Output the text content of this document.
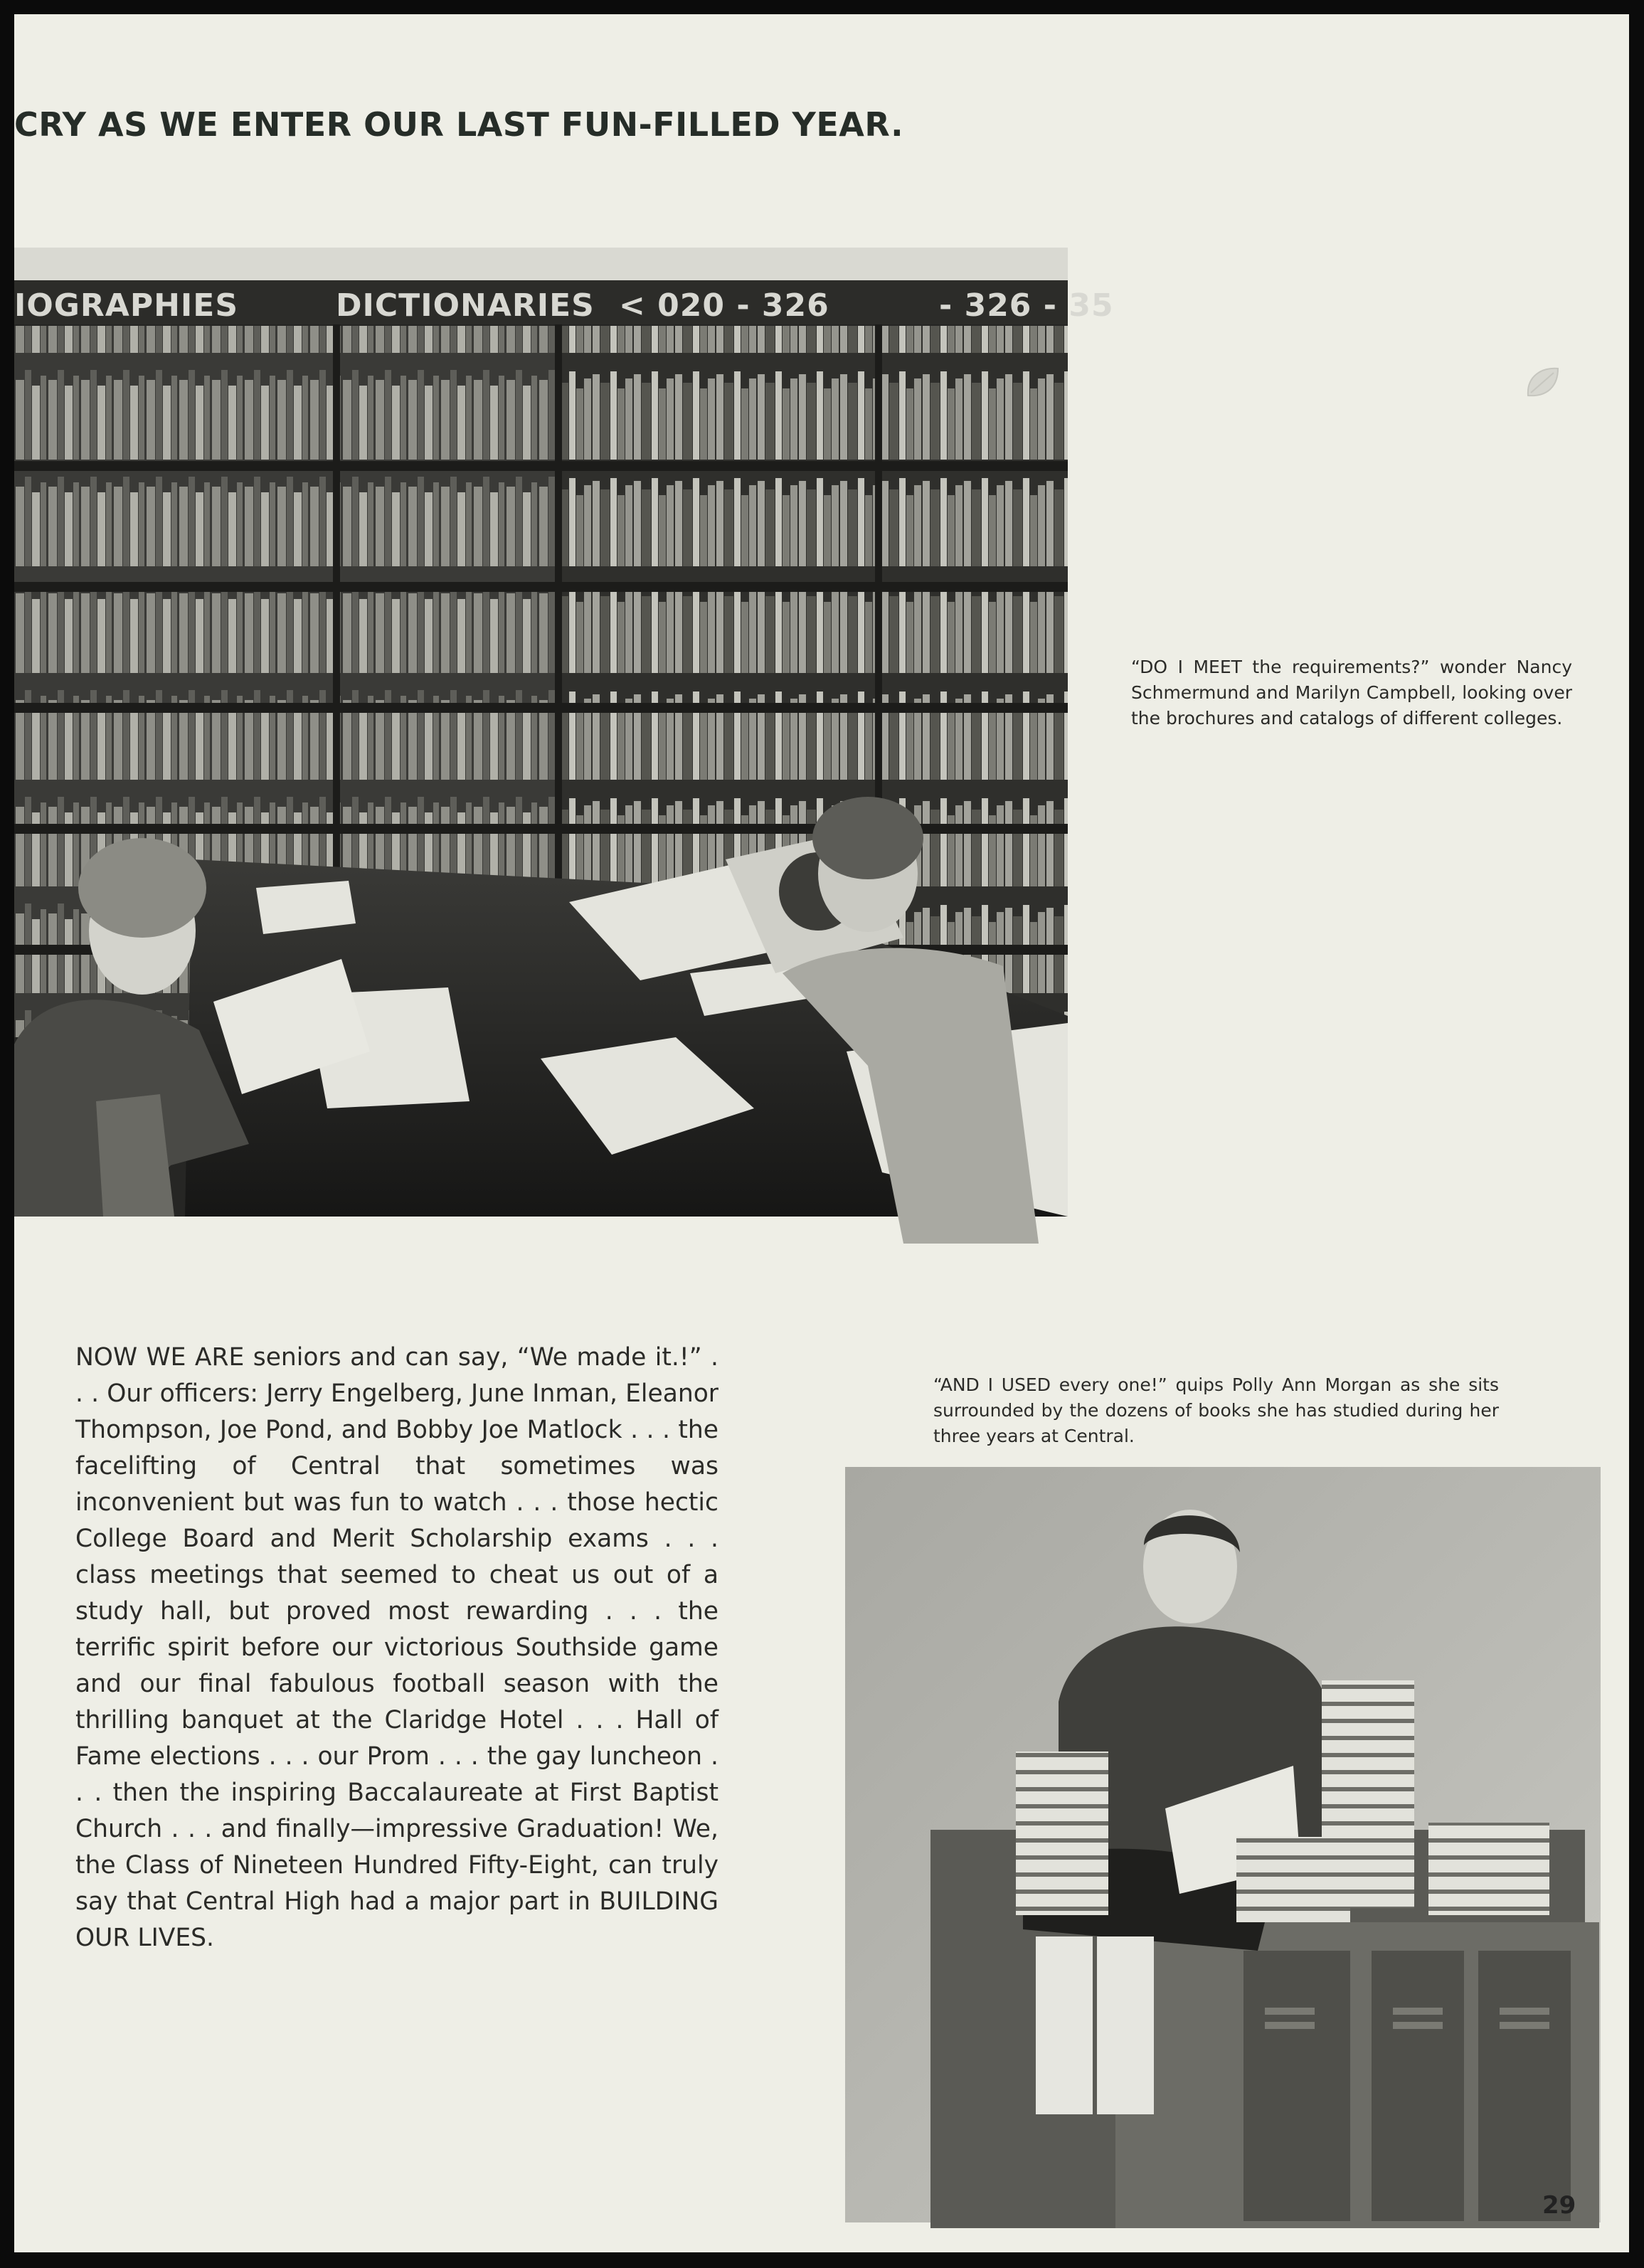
CRY AS WE ENTER OUR LAST FUN-FILLED YEAR.
IOGRAPHIES	DICTIONARIES < 020 - 326	- 326 - 35

“DO I MEET the requirements?” wonder Nancy Schmermund and Marilyn Campbell, looking over the brochures and catalogs of different colleges.

NOW WE ARE seniors and can say, “We made it.!” . . . Our officers: Jerry Engelberg, June Inman, Eleanor Thompson, Joe Pond, and Bobby Joe Matlock . . . the facelifting of Central that sometimes was inconvenient but was fun to watch . . . those hectic College Board and Merit Scholarship exams . . . class meetings that seemed to cheat us out of a study hall, but proved most rewarding . . . the terrific spirit before our victorious Southside game and our final fabulous football season with the thrilling banquet at the Claridge Hotel . . . Hall of Fame elections . . . our Prom . . . the gay luncheon . . . then the inspiring Baccalaureate at First Baptist Church . . . and finally—impressive Graduation! We, the Class of Nineteen Hundred Fifty-Eight, can truly say that Central High had a major part in BUILDING OUR LIVES.

“AND I USED every one!” quips Polly Ann Morgan as she sits surrounded by the dozens of books she has studied during her three years at Central.

29
